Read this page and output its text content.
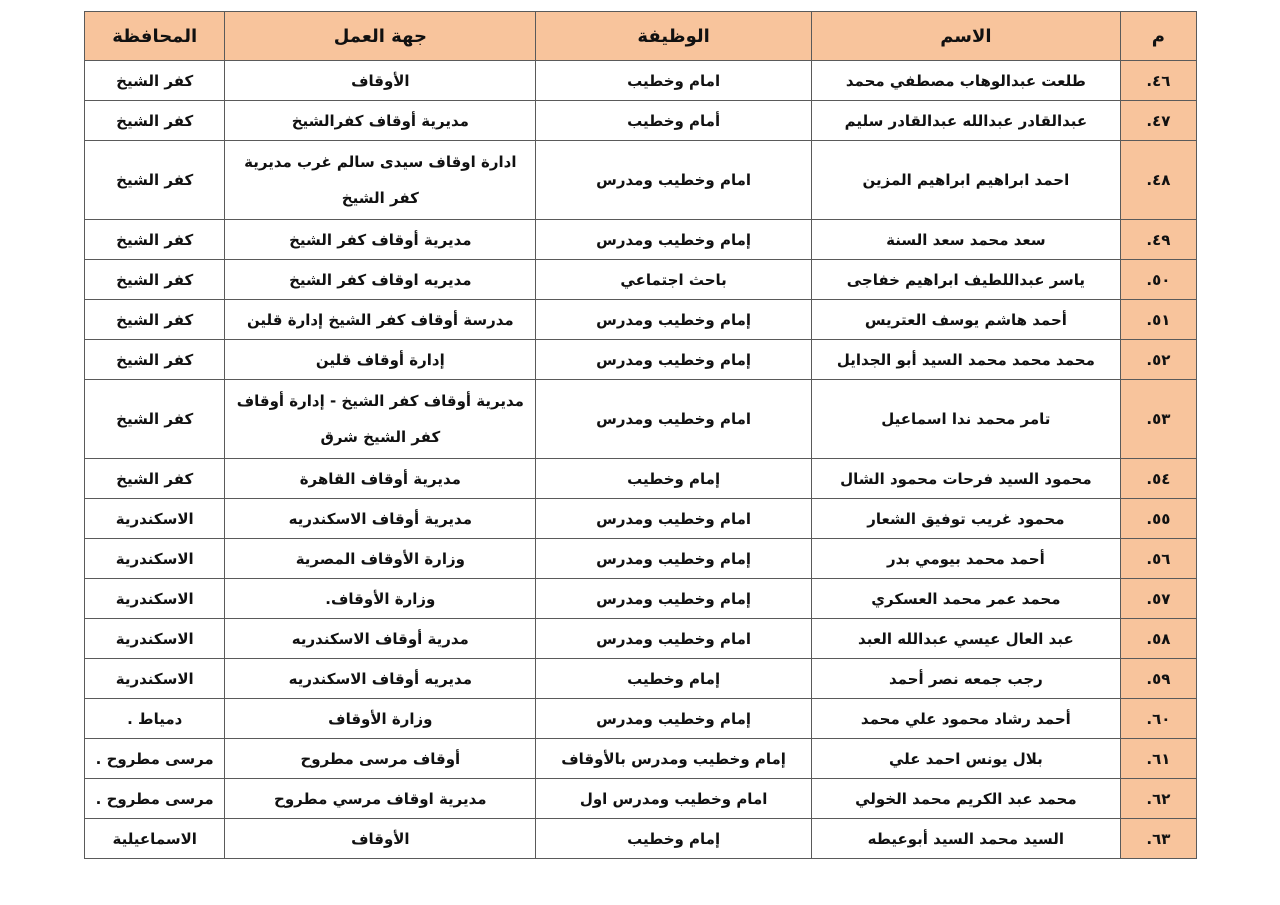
م	الاسم	الوظيفة	جهة العمل	المحافظة
٤٦.	طلعت عبدالوهاب مصطفي محمد	امام وخطيب	الأوقاف	كفر الشيخ
٤٧.	عبدالقادر عبدالله عبدالقادر سليم	أمام وخطيب	مديرية أوقاف كفرالشيخ	كفر الشيخ
٤٨.	احمد ابراهيم ابراهيم المزين	امام وخطيب ومدرس	ادارة اوقاف سيدى سالم غرب مديرية كفر الشيخ	كفر الشيخ
٤٩.	سعد محمد سعد السنة	إمام وخطيب ومدرس	مديرية أوقاف كفر الشيخ	كفر الشيخ
٥٠.	ياسر عبداللطيف ابراهيم خفاجى	باحث اجتماعي	مديريه اوقاف كفر الشيخ	كفر الشيخ
٥١.	أحمد هاشم يوسف العتريس	إمام وخطيب ومدرس	مدرسة أوقاف كفر الشيخ إدارة قلين	كفر الشيخ
٥٢.	محمد محمد محمد السيد أبو الجدايل	إمام وخطيب ومدرس	إدارة أوقاف قلين	كفر الشيخ
٥٣.	تامر محمد ندا اسماعيل	امام وخطيب ومدرس	مديرية أوقاف كفر الشيخ - إدارة أوقاف كفر الشيخ شرق	كفر الشيخ
٥٤.	محمود السيد فرحات محمود الشال	إمام وخطيب	مديرية أوقاف القاهرة	كفر الشيخ
٥٥.	محمود غريب توفيق الشعار	امام وخطيب ومدرس	مديرية أوقاف الاسكندريه	الاسكندرية
٥٦.	أحمد محمد بيومي بدر	إمام وخطيب ومدرس	وزارة الأوقاف المصرية	الاسكندرية
٥٧.	محمد عمر محمد العسكري	إمام وخطيب ومدرس	وزارة الأوقاف.	الاسكندرية
٥٨.	عبد العال عيسي عبدالله العبد	امام وخطيب ومدرس	مدرية أوقاف الاسكندريه	الاسكندرية
٥٩.	رجب جمعه نصر أحمد	إمام وخطيب	مديريه أوقاف الاسكندريه	الاسكندرية
٦٠.	أحمد رشاد محمود علي محمد	إمام وخطيب ومدرس	وزارة الأوقاف	دمياط .
٦١.	بلال يونس احمد علي	إمام وخطيب ومدرس بالأوقاف	أوقاف مرسى مطروح	مرسى مطروح .
٦٢.	محمد عبد الكريم محمد الخولي	امام وخطيب ومدرس اول	مديرية اوقاف مرسي مطروح	مرسى مطروح .
٦٣.	السيد محمد السيد أبوعيطه	إمام وخطيب	الأوقاف	الاسماعيلية
